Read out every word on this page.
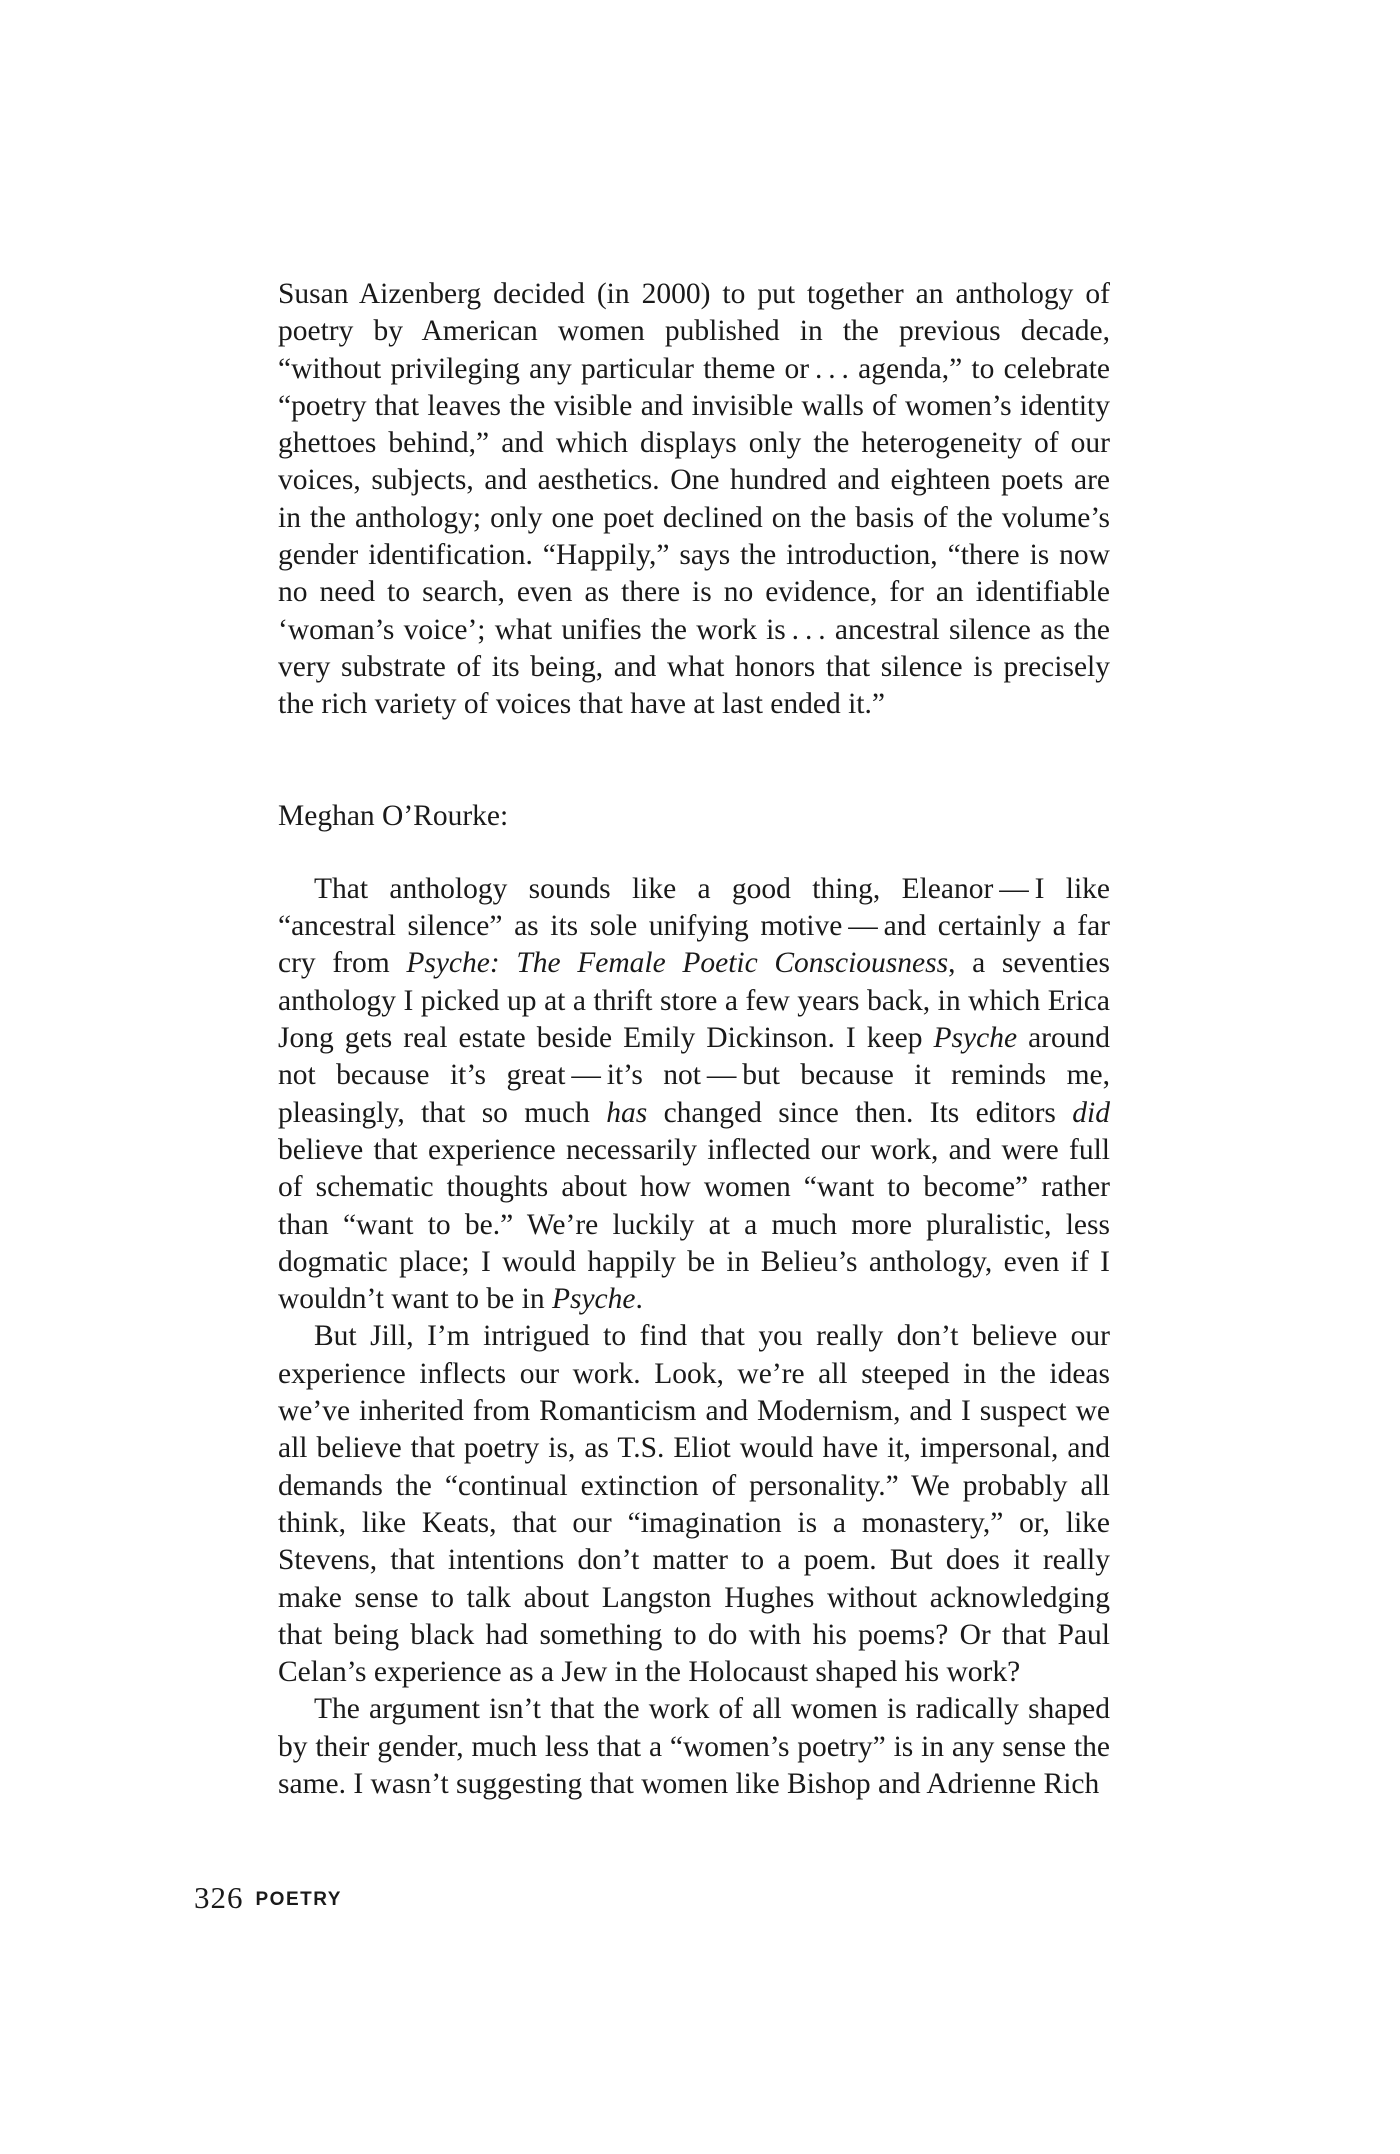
Susan Aizenberg decided (in 2000) to put together an anthology of poetry by American women published in the previous decade, “without privileging any particular theme or . . . agenda,” to celebrate “poetry that leaves the visible and invisible walls of women’s identity ghettoes behind,” and which displays only the heterogeneity of our voices, subjects, and aesthetics. One hundred and eighteen poets are in the anthology; only one poet declined on the basis of the volume’s gender identification. “Happily,” says the introduction, “there is now no need to search, even as there is no evidence, for an identifiable ‘woman’s voice’; what unifies the work is . . . ancestral silence as the very substrate of its being, and what honors that silence is precisely the rich variety of voices that have at last ended it.”

Meghan O’Rourke:

That anthology sounds like a good thing, Eleanor — I like “ancestral silence” as its sole unifying motive — and certainly a far cry from Psyche: The Female Poetic Consciousness, a seventies anthology I picked up at a thrift store a few years back, in which Erica Jong gets real estate beside Emily Dickinson. I keep Psyche around not because it’s great — it’s not — but because it reminds me, pleasingly, that so much has changed since then. Its editors did believe that experience necessarily inflected our work, and were full of schematic thoughts about how women “want to become” rather than “want to be.” We’re luckily at a much more pluralistic, less dogmatic place; I would happily be in Belieu’s anthology, even if I wouldn’t want to be in Psyche.

But Jill, I’m intrigued to find that you really don’t believe our experience inflects our work. Look, we’re all steeped in the ideas we’ve inherited from Romanticism and Modernism, and I suspect we all believe that poetry is, as T.S. Eliot would have it, impersonal, and demands the “continual extinction of personality.” We probably all think, like Keats, that our “imagination is a monastery,” or, like Stevens, that intentions don’t matter to a poem. But does it really make sense to talk about Langston Hughes without acknowledging that being black had something to do with his poems? Or that Paul Celan’s experience as a Jew in the Holocaust shaped his work?

The argument isn’t that the work of all women is radically shaped by their gender, much less that a “women’s poetry” is in any sense the same. I wasn’t suggesting that women like Bishop and Adrienne Rich

326 POETRY
